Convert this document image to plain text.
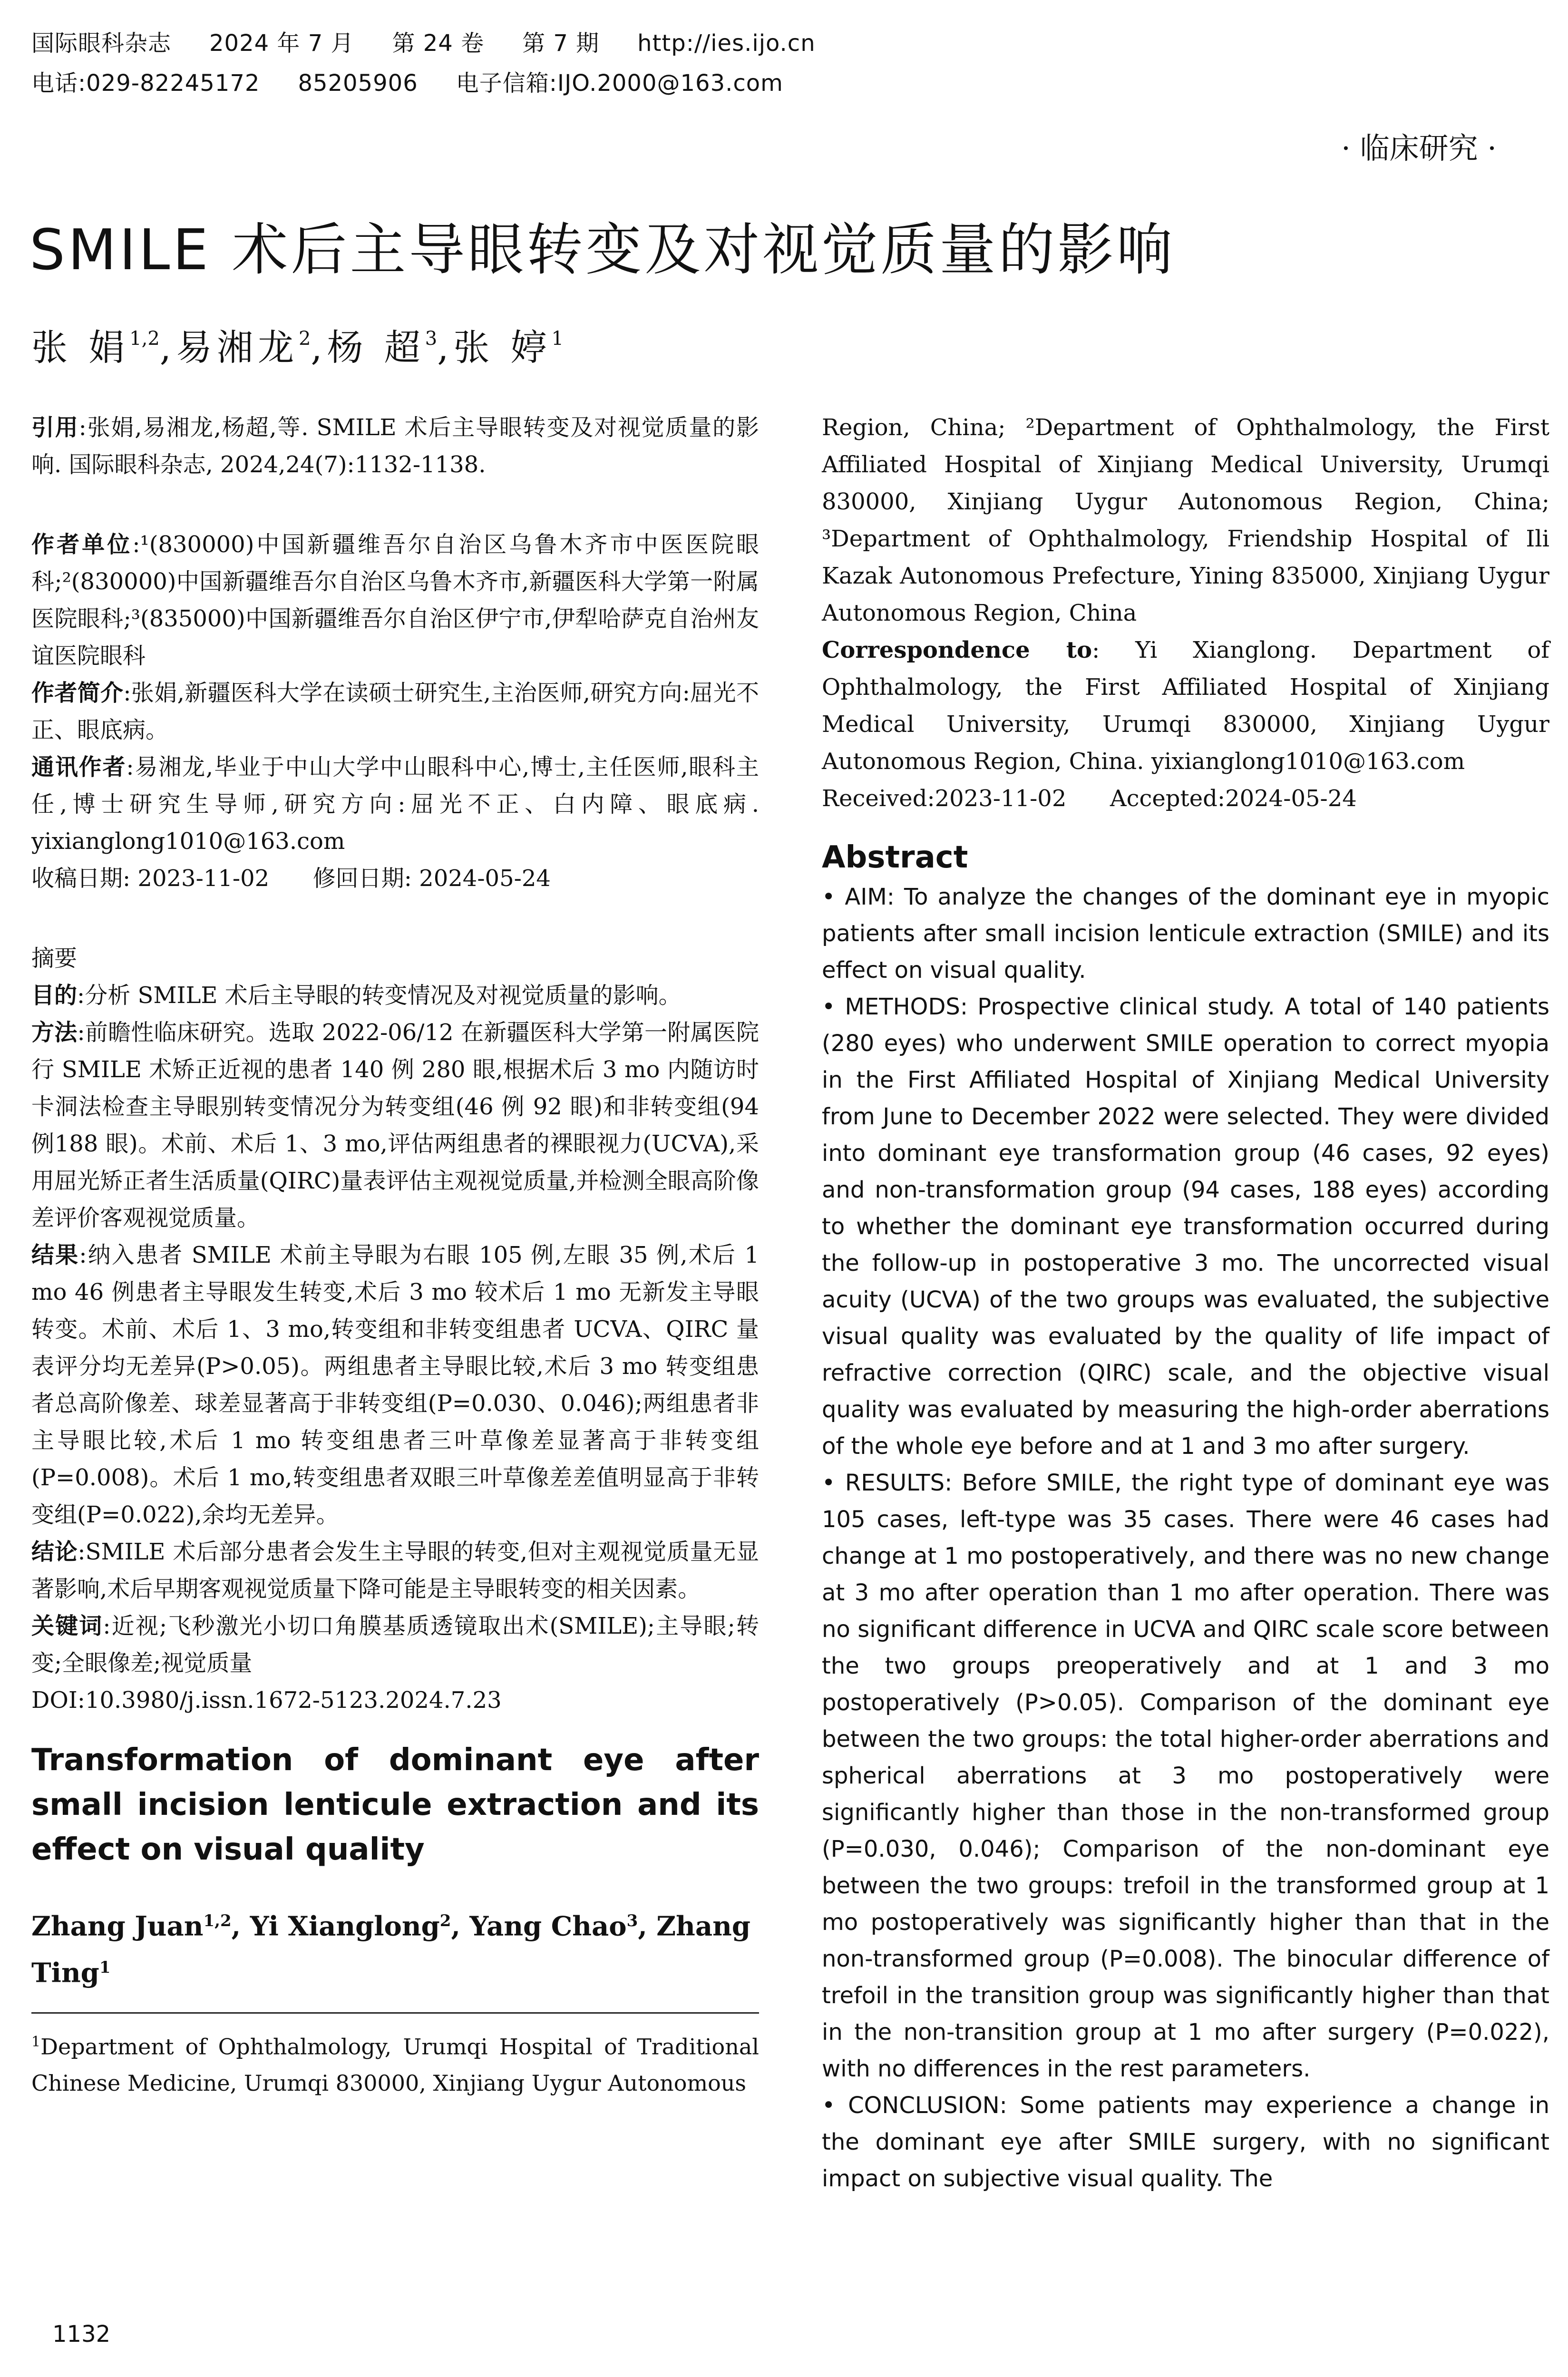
国际眼科杂志 2024 年 7 月 第 24 卷 第 7 期 http://ies.ijo.cn
电话:029-82245172 85205906 电子信箱:IJO.2000@163.com
· 临床研究 ·
SMILE 术后主导眼转变及对视觉质量的影响
张 娟$^{1,2}$,易湘龙$^2$,杨 超$^3$,张 婷$^1$

引用:张娟,易湘龙,杨超,等. SMILE 术后主导眼转变及对视觉质量的影响. 国际眼科杂志, 2024,24(7):1132-1138.

作者单位:¹(830000)中国新疆维吾尔自治区乌鲁木齐市中医医院眼科;²(830000)中国新疆维吾尔自治区乌鲁木齐市,新疆医科大学第一附属医院眼科;³(835000)中国新疆维吾尔自治区伊宁市,伊犁哈萨克自治州友谊医院眼科

作者简介:张娟,新疆医科大学在读硕士研究生,主治医师,研究方向:屈光不正、眼底病。

通讯作者:易湘龙,毕业于中山大学中山眼科中心,博士,主任医师,眼科主任,博士研究生导师,研究方向:屈光不正、白内障、眼底病. yixianglong1010@163.com

收稿日期: 2023-11-02      修回日期: 2024-05-24

摘要

目的:分析 SMILE 术后主导眼的转变情况及对视觉质量的影响。

方法:前瞻性临床研究。选取 2022-06/12 在新疆医科大学第一附属医院行 SMILE 术矫正近视的患者 140 例 280 眼,根据术后 3 mo 内随访时卡洞法检查主导眼别转变情况分为转变组(46 例 92 眼)和非转变组(94 例188 眼)。术前、术后 1、3 mo,评估两组患者的裸眼视力(UCVA),采用屈光矫正者生活质量(QIRC)量表评估主观视觉质量,并检测全眼高阶像差评价客观视觉质量。

结果:纳入患者 SMILE 术前主导眼为右眼 105 例,左眼 35 例,术后 1 mo 46 例患者主导眼发生转变,术后 3 mo 较术后 1 mo 无新发主导眼转变。术前、术后 1、3 mo,转变组和非转变组患者 UCVA、QIRC 量表评分均无差异(P>0.05)。两组患者主导眼比较,术后 3 mo 转变组患者总高阶像差、球差显著高于非转变组(P=0.030、0.046);两组患者非主导眼比较,术后 1 mo 转变组患者三叶草像差显著高于非转变组(P=0.008)。术后 1 mo,转变组患者双眼三叶草像差差值明显高于非转变组(P=0.022),余均无差异。

结论:SMILE 术后部分患者会发生主导眼的转变,但对主观视觉质量无显著影响,术后早期客观视觉质量下降可能是主导眼转变的相关因素。

关键词:近视;飞秒激光小切口角膜基质透镜取出术(SMILE);主导眼;转变;全眼像差;视觉质量

DOI:10.3980/j.issn.1672-5123.2024.7.23

Transformation of dominant eye after small incision lenticule extraction and its effect on visual quality
Zhang Juan$^{1,2}$, Yi Xianglong$^2$, Yang Chao$^3$, Zhang Ting$^1$

$^1$Department of Ophthalmology, Urumqi Hospital of Traditional Chinese Medicine, Urumqi 830000, Xinjiang Uygur Autonomous

Region, China; ²Department of Ophthalmology, the First Affiliated Hospital of Xinjiang Medical University, Urumqi 830000, Xinjiang Uygur Autonomous Region, China; ³Department of Ophthalmology, Friendship Hospital of Ili Kazak Autonomous Prefecture, Yining 835000, Xinjiang Uygur Autonomous Region, China

Correspondence to: Yi Xianglong. Department of Ophthalmology, the First Affiliated Hospital of Xinjiang Medical University, Urumqi 830000, Xinjiang Uygur Autonomous Region, China. yixianglong1010@163.com

Received:2023-11-02      Accepted:2024-05-24

Abstract

• AIM: To analyze the changes of the dominant eye in myopic patients after small incision lenticule extraction (SMILE) and its effect on visual quality.

• METHODS: Prospective clinical study. A total of 140 patients (280 eyes) who underwent SMILE operation to correct myopia in the First Affiliated Hospital of Xinjiang Medical University from June to December 2022 were selected. They were divided into dominant eye transformation group (46 cases, 92 eyes) and non-transformation group (94 cases, 188 eyes) according to whether the dominant eye transformation occurred during the follow-up in postoperative 3 mo. The uncorrected visual acuity (UCVA) of the two groups was evaluated, the subjective visual quality was evaluated by the quality of life impact of refractive correction (QIRC) scale, and the objective visual quality was evaluated by measuring the high-order aberrations of the whole eye before and at 1 and 3 mo after surgery.

• RESULTS: Before SMILE, the right type of dominant eye was 105 cases, left-type was 35 cases. There were 46 cases had change at 1 mo postoperatively, and there was no new change at 3 mo after operation than 1 mo after operation. There was no significant difference in UCVA and QIRC scale score between the two groups preoperatively and at 1 and 3 mo postoperatively (P>0.05). Comparison of the dominant eye between the two groups: the total higher-order aberrations and spherical aberrations at 3 mo postoperatively were significantly higher than those in the non-transformed group (P=0.030, 0.046); Comparison of the non-dominant eye between the two groups: trefoil in the transformed group at 1 mo postoperatively was significantly higher than that in the non-transformed group (P=0.008). The binocular difference of trefoil in the transition group was significantly higher than that in the non-transition group at 1 mo after surgery (P=0.022), with no differences in the rest parameters.

• CONCLUSION: Some patients may experience a change in the dominant eye after SMILE surgery, with no significant impact on subjective visual quality. The

1132
